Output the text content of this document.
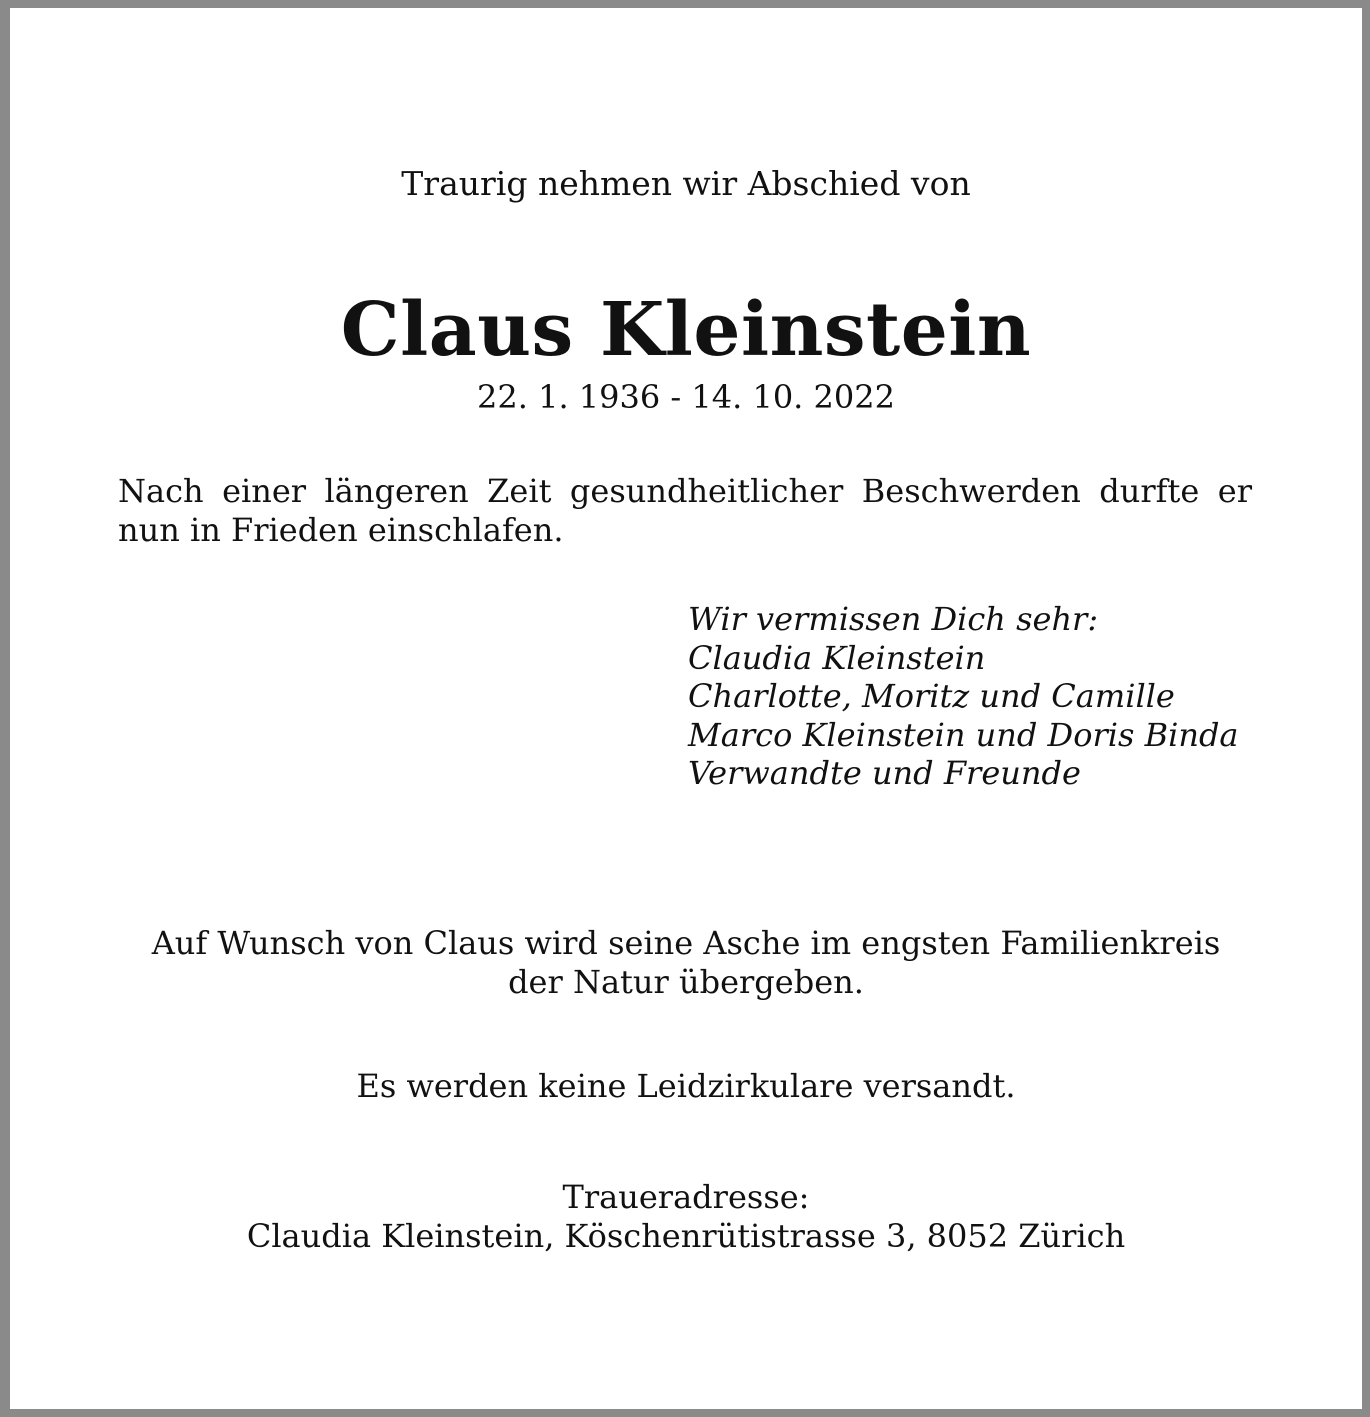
Traurig nehmen wir Abschied von
Claus Kleinstein
22. 1. 1936 - 14. 10. 2022
Nach einer längeren Zeit gesundheitlicher Beschwerden durfte er
nun in Frieden einschlafen.
Wir vermissen Dich sehr:
Claudia Kleinstein
Charlotte, Moritz und Camille
Marco Kleinstein und Doris Binda
Verwandte und Freunde
Auf Wunsch von Claus wird seine Asche im engsten Familienkreis
der Natur übergeben.
Es werden keine Leidzirkulare versandt.
Traueradresse:
Claudia Kleinstein, Köschenrütistrasse 3, 8052 Zürich
